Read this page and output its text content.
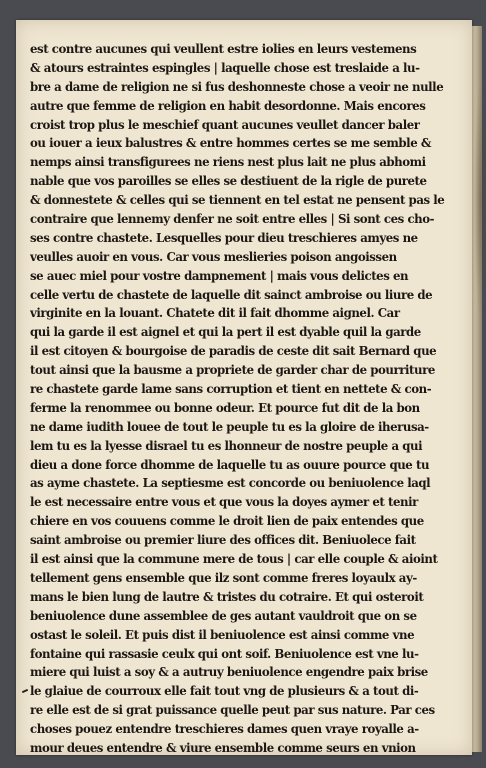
est contre aucunes qui veullent estre iolies en leurs vestemens
& atours estraintes espingles | laquelle chose est treslaide a lu-
bre a dame de religion ne si fus deshonneste chose a veoir ne nulle
autre que femme de religion en habit desordonne. Mais encores
croist trop plus le meschief quant aucunes veullet dancer baler
ou iouer a ieux balustres & entre hommes certes se me semble &
nemps ainsi transfigurees ne riens nest plus lait ne plus abhomi
nable que vos paroilles se elles se destiuent de la rigle de purete
& donnestete & celles qui se tiennent en tel estat ne pensent pas le
contraire que lennemy denfer ne soit entre elles | Si sont ces cho-
ses contre chastete. Lesquelles pour dieu treschieres amyes ne
veulles auoir en vous. Car vous meslieries poison angoissen
se auec miel pour vostre dampnement | mais vous delictes en
celle vertu de chastete de laquelle dit sainct ambroise ou liure de
virginite en la louant. Chatete dit il fait dhomme aignel. Car
qui la garde il est aignel et qui la pert il est dyable quil la garde
il est citoyen & bourgoise de paradis de ceste dit sait Bernard que
tout ainsi que la bausme a propriete de garder char de pourriture
re chastete garde lame sans corruption et tient en nettete & con-
ferme la renommee ou bonne odeur. Et pource fut dit de la bon
ne dame iudith louee de tout le peuple tu es la gloire de iherusa-
lem tu es la lyesse disrael tu es lhonneur de nostre peuple a qui
dieu a done force dhomme de laquelle tu as ouure pource que tu
as ayme chastete. La septiesme est concorde ou beniuolence laql
le est necessaire entre vous et que vous la doyes aymer et tenir
chiere en vos couuens comme le droit lien de paix entendes que
saint ambroise ou premier liure des offices dit. Beniuolece fait
il est ainsi que la commune mere de tous | car elle couple & aioint
tellement gens ensemble que ilz sont comme freres loyaulx ay-
mans le bien lung de lautre & tristes du cotraire. Et qui osteroit
beniuolence dune assemblee de ges autant vauldroit que on se
ostast le soleil. Et puis dist il beniuolence est ainsi comme vne
fontaine qui rassasie ceulx qui ont soif. Beniuolence est vne lu-
miere qui luist a soy & a autruy beniuolence engendre paix brise
le glaiue de courroux elle fait tout vng de plusieurs & a tout di-
re elle est de si grat puissance quelle peut par sus nature. Par ces
choses pouez entendre treschieres dames quen vraye royalle a-
mour deues entendre & viure ensemble comme seurs en vnion
